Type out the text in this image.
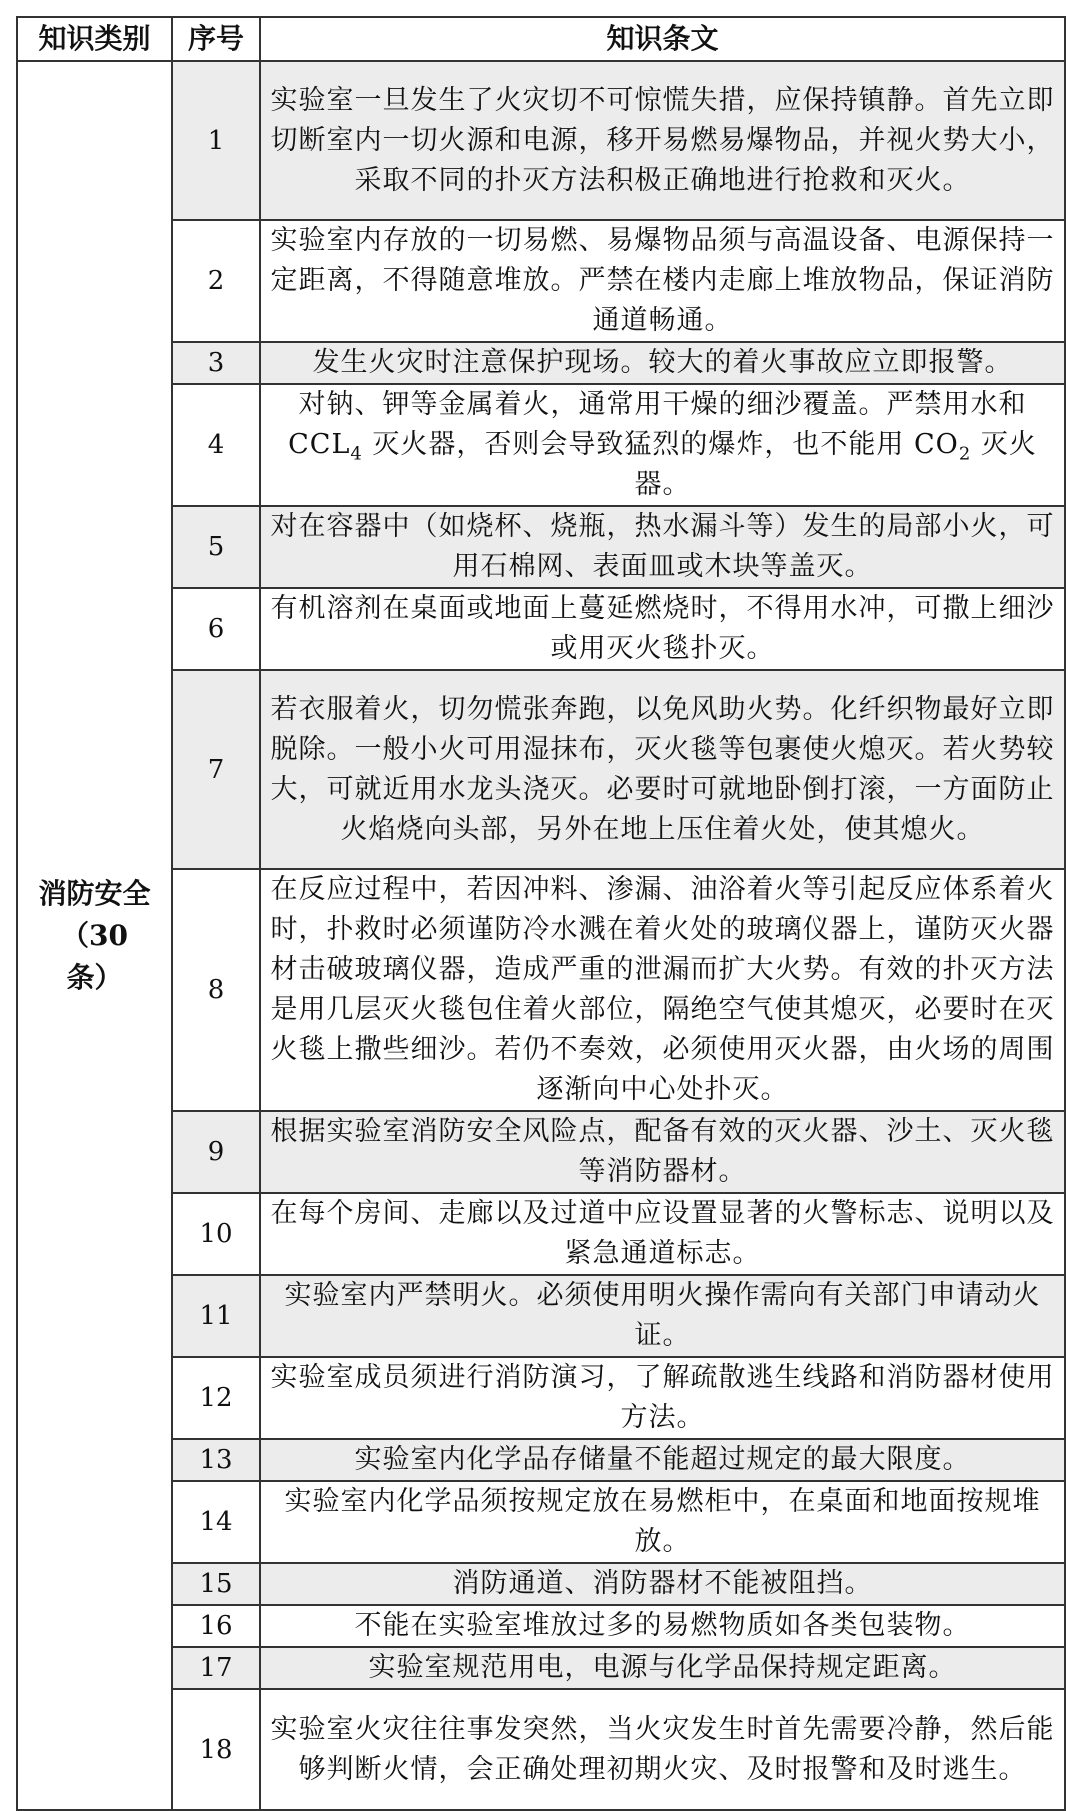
知识类别	序号	知识条文

消防安全
（30
条）	1	实验室一旦发生了火灾切不可惊慌失措，应保持镇静。首先立即切断室内一切火源和电源，移开易燃易爆物品，并视火势大小，采取不同的扑灭方法积极正确地进行抢救和灭火。
	2	实验室内存放的一切易燃、易爆物品须与高温设备、电源保持一定距离，不得随意堆放。严禁在楼内走廊上堆放物品，保证消防通道畅通。
	3	发生火灾时注意保护现场。较大的着火事故应立即报警。
	4	对钠、钾等金属着火，通常用干燥的细沙覆盖。严禁用水和 $CCL_4$ 灭火器，否则会导致猛烈的爆炸，也不能用 $CO_2$ 灭火器。
	5	对在容器中（如烧杯、烧瓶，热水漏斗等）发生的局部小火，可用石棉网、表面皿或木块等盖灭。
	6	有机溶剂在桌面或地面上蔓延燃烧时，不得用水冲，可撒上细沙或用灭火毯扑灭。
	7	若衣服着火，切勿慌张奔跑，以免风助火势。化纤织物最好立即脱除。一般小火可用湿抹布，灭火毯等包裹使火熄灭。若火势较大，可就近用水龙头浇灭。必要时可就地卧倒打滚，一方面防止火焰烧向头部，另外在地上压住着火处，使其熄火。
	8	在反应过程中，若因冲料、渗漏、油浴着火等引起反应体系着火时，扑救时必须谨防冷水溅在着火处的玻璃仪器上，谨防灭火器材击破玻璃仪器，造成严重的泄漏而扩大火势。有效的扑灭方法是用几层灭火毯包住着火部位，隔绝空气使其熄灭，必要时在灭火毯上撒些细沙。若仍不奏效，必须使用灭火器，由火场的周围逐渐向中心处扑灭。
	9	根据实验室消防安全风险点，配备有效的灭火器、沙土、灭火毯等消防器材。
	10	在每个房间、走廊以及过道中应设置显著的火警标志、说明以及紧急通道标志。
	11	实验室内严禁明火。必须使用明火操作需向有关部门申请动火证。
	12	实验室成员须进行消防演习，了解疏散逃生线路和消防器材使用方法。
	13	实验室内化学品存储量不能超过规定的最大限度。
	14	实验室内化学品须按规定放在易燃柜中，在桌面和地面按规堆放。
	15	消防通道、消防器材不能被阻挡。
	16	不能在实验室堆放过多的易燃物质如各类包装物。
	17	实验室规范用电，电源与化学品保持规定距离。
	18	实验室火灾往往事发突然，当火灾发生时首先需要冷静，然后能够判断火情，会正确处理初期火灾、及时报警和及时逃生。
